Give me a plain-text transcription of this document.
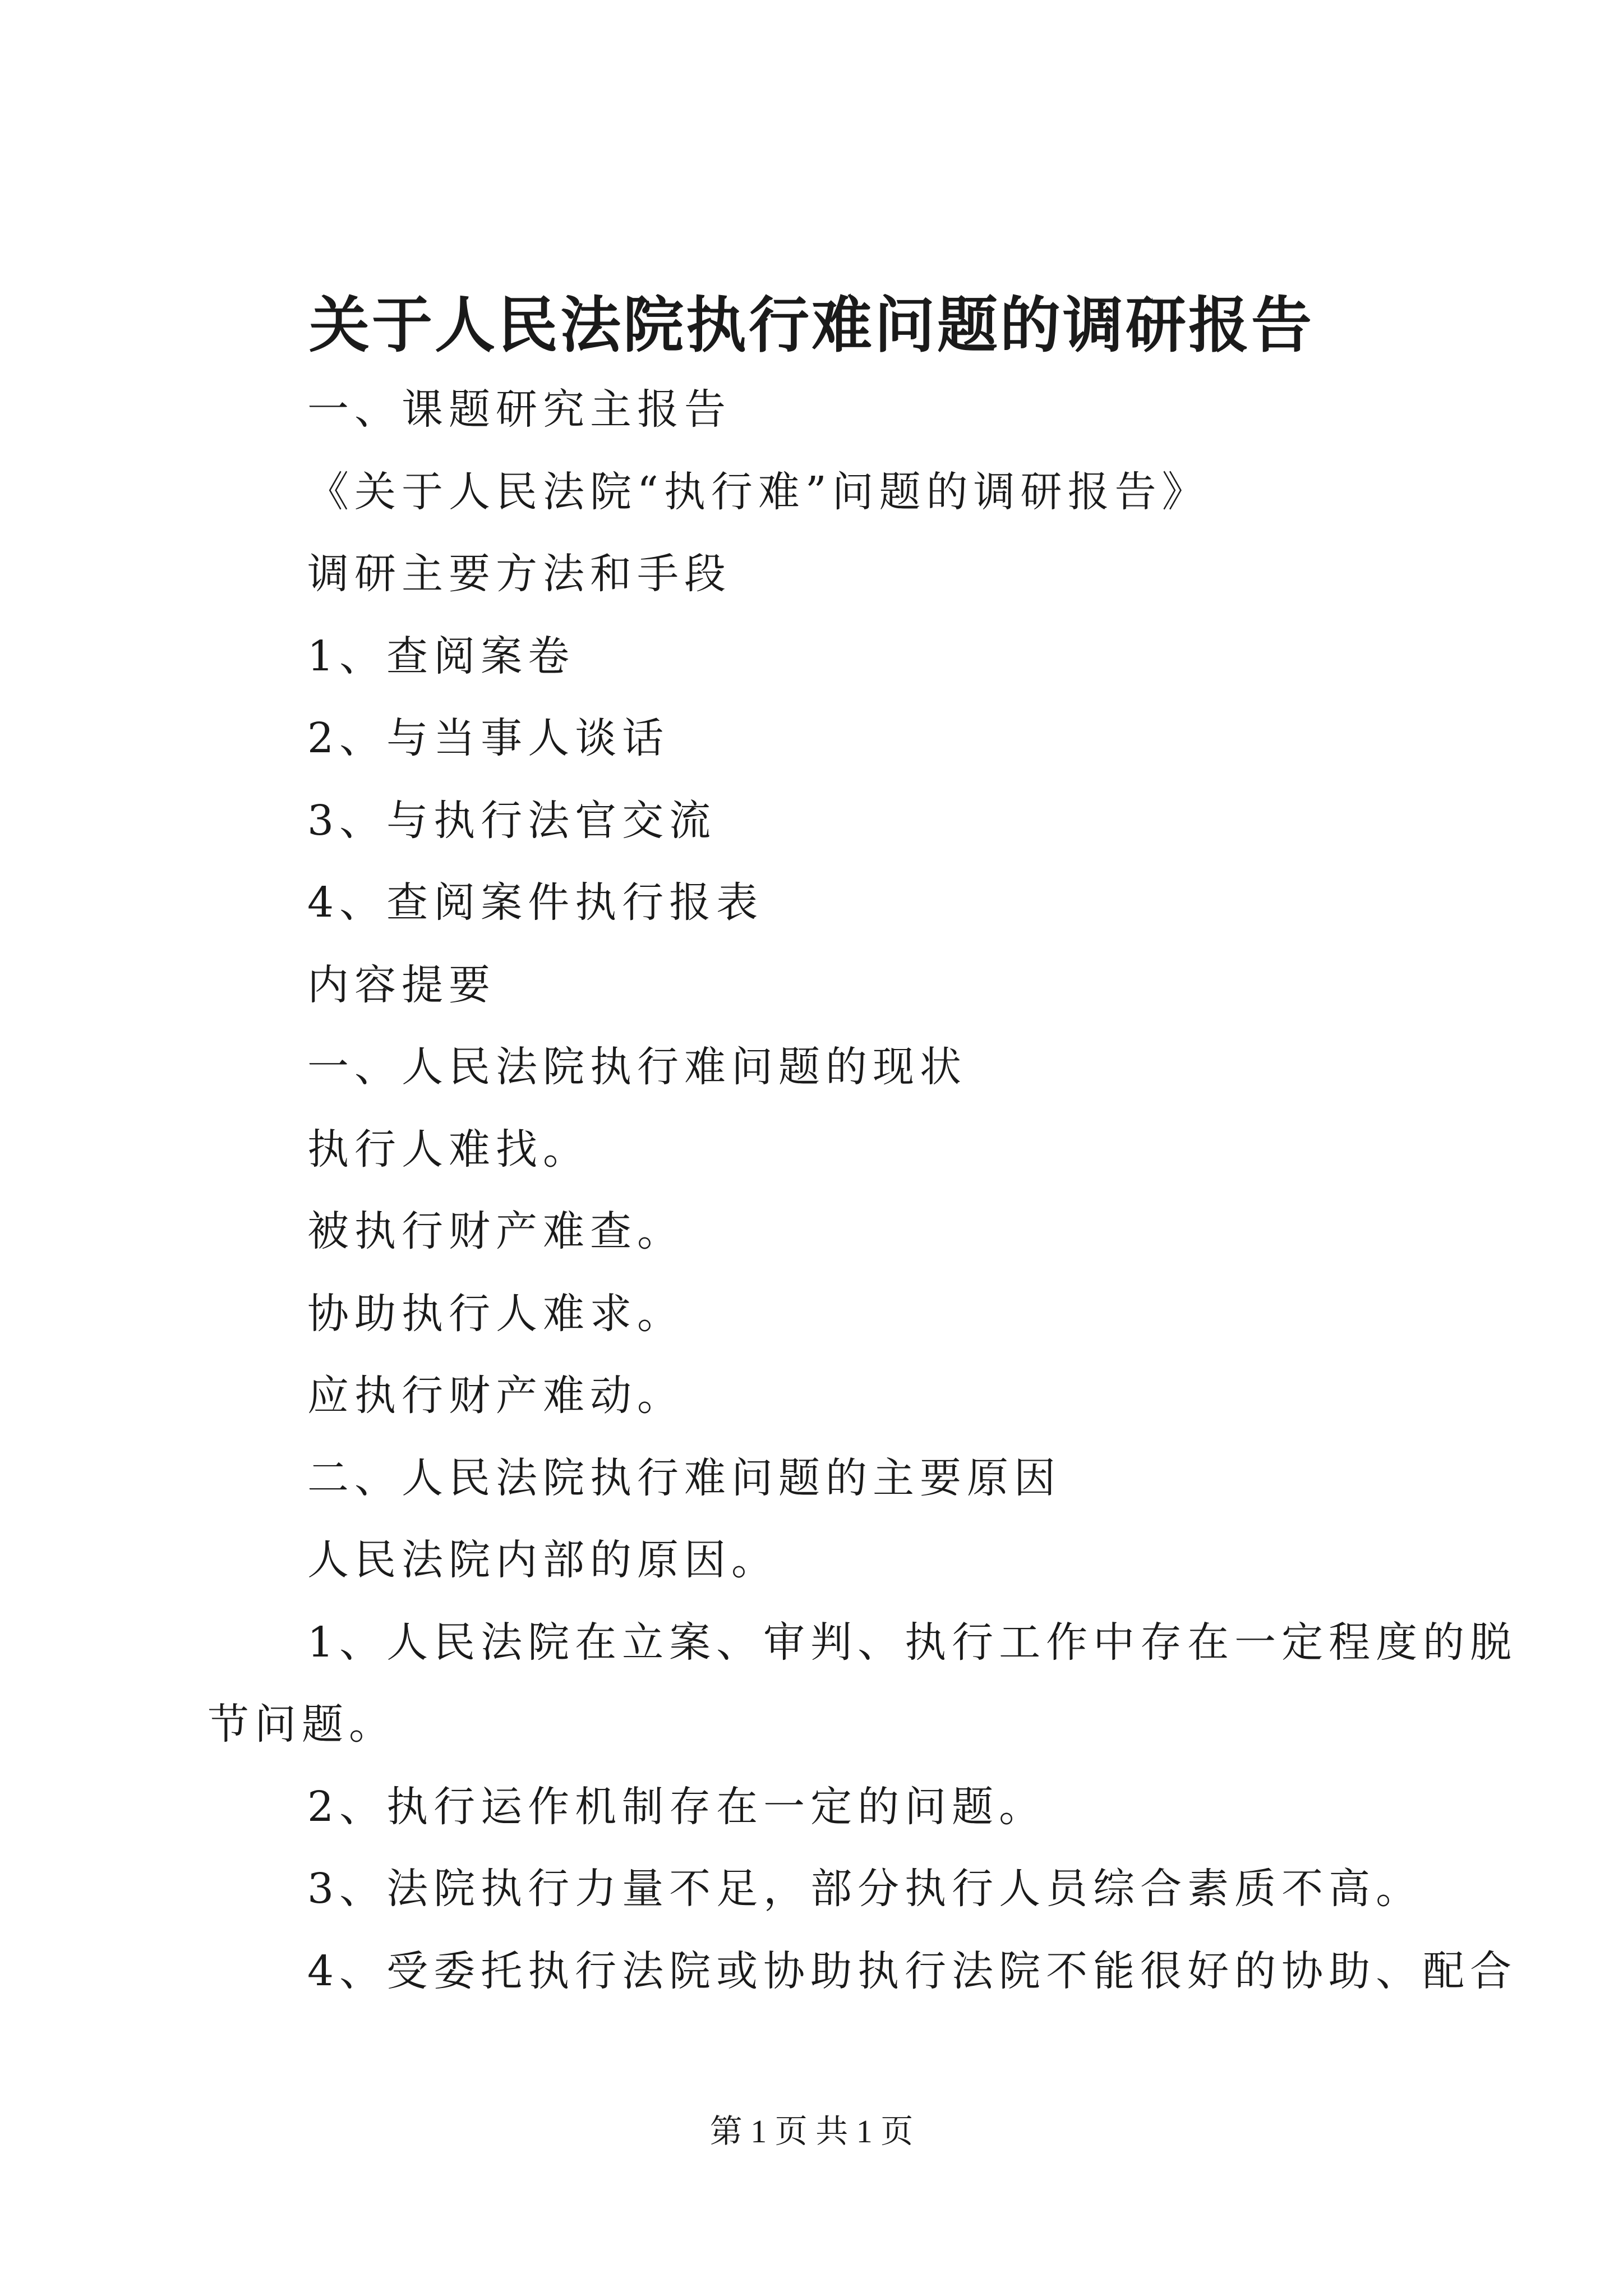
关于人民法院执行难问题的调研报告
一、课题研究主报告
《关于人民法院“执行难”问题的调研报告》
调研主要方法和手段
1、查阅案卷
2、与当事人谈话
3、与执行法官交流
4、查阅案件执行报表
内容提要
一、人民法院执行难问题的现状
执行人难找。
被执行财产难查。
协助执行人难求。
应执行财产难动。
二、人民法院执行难问题的主要原因
人民法院内部的原因。
1、人民法院在立案、审判、执行工作中存在一定程度的脱
节问题。
2、执行运作机制存在一定的问题。
3、法院执行力量不足，部分执行人员综合素质不高。
4、受委托执行法院或协助执行法院不能很好的协助、配合
第 1 页 共 1 页
